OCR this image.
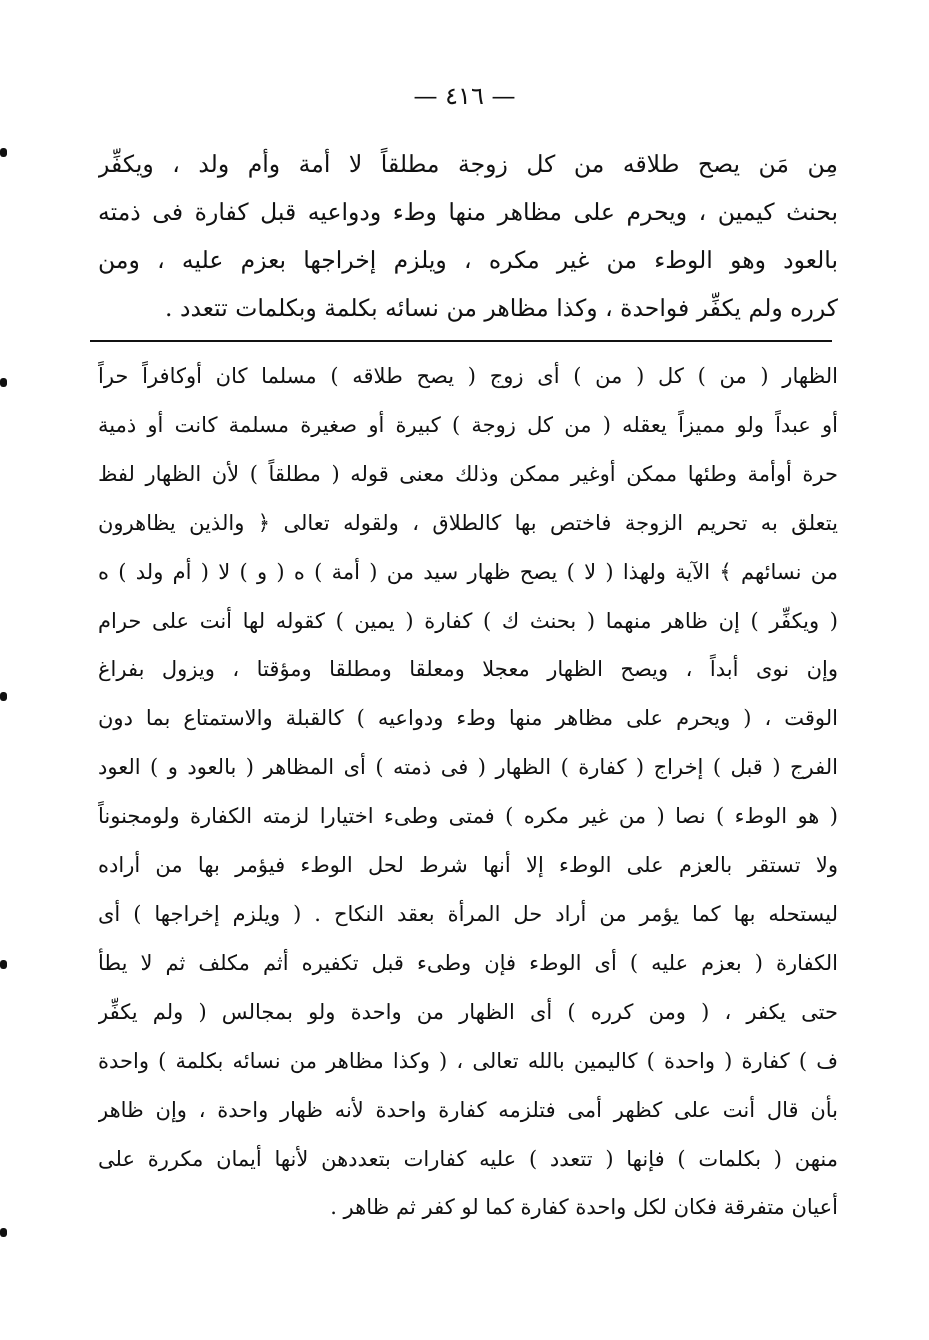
— ٤١٦ —
مِن مَن يصح طلاقه من كل زوجة مطلقاً لا أمة وأم ولد ، ويكفِّر
بحنث كيمين ، ويحرم على مظاهر منها وطء ودواعيه قبل كفارة فى ذمته
بالعود وهو الوطء من غير مكره ، ويلزم إخراجها بعزم عليه ، ومن
كرره ولم يكفِّر فواحدة ، وكذا مظاهر من نسائه بكلمة وبكلمات تتعدد .
الظهار ( من ) كل ( من ) أى زوج ( يصح طلاقه ) مسلما كان أوكافراً حراً
أو عبداً ولو مميزاً يعقله ( من كل زوجة ) كبيرة أو صغيرة مسلمة كانت أو ذمية
حرة أوأمة وطئها ممكن أوغير ممكن وذلك معنى قوله ( مطلقاً ) لأن الظهار لفظ
يتعلق به تحريم الزوجة فاختص بها كالطلاق ، ولقوله تعالى ﴿ والذين يظاهرون
من نسائهم ﴾ الآية ولهذا ( لا ) يصح ظهار سيد من ( أمة ) ه ( و ) لا ( أم ولد ) ه
( ويكفِّر ) إن ظاهر منهما ( بحنث ك ) كفارة ( يمين ) كقوله لها أنت على حرام
وإن نوى أبداً ، ويصح الظهار معجلا ومعلقا ومطلقا ومؤقتا ، ويزول بفراغ
الوقت ، ( ويحرم على مظاهر منها وطء ودواعيه ) كالقبلة والاستمتاع بما دون
الفرج ( قبل ) إخراج ( كفارة ) الظهار ( فى ذمته ) أى المظاهر ( بالعود و ) العود
( هو الوطء ) نصا ( من غير مكره ) فمتى وطىء اختيارا لزمته الكفارة ولومجنوناً
ولا تستقر بالعزم على الوطء إلا أنها شرط لحل الوطء فيؤمر بها من أراده
ليستحله بها كما يؤمر من أراد حل المرأة بعقد النكاح . ( ويلزم إخراجها ) أى
الكفارة ( بعزم عليه ) أى الوطء فإن وطىء قبل تكفيره أثم مكلف ثم لا يطأ
حتى يكفر ، ( ومن كرره ) أى الظهار من واحدة ولو بمجالس ( ولم يكفِّر
ف ) كفارة ( واحدة ) كاليمين بالله تعالى ، ( وكذا مظاهر من نسائه بكلمة ) واحدة
بأن قال أنت على كظهر أمى فتلزمه كفارة واحدة لأنه ظهار واحدة ، وإن ظاهر
منهن ( بكلمات ) فإنها ( تتعدد ) عليه كفارات بتعددهن لأنها أيمان مكررة على
أعيان متفرقة فكان لكل واحدة كفارة كما لو كفر ثم ظاهر .
